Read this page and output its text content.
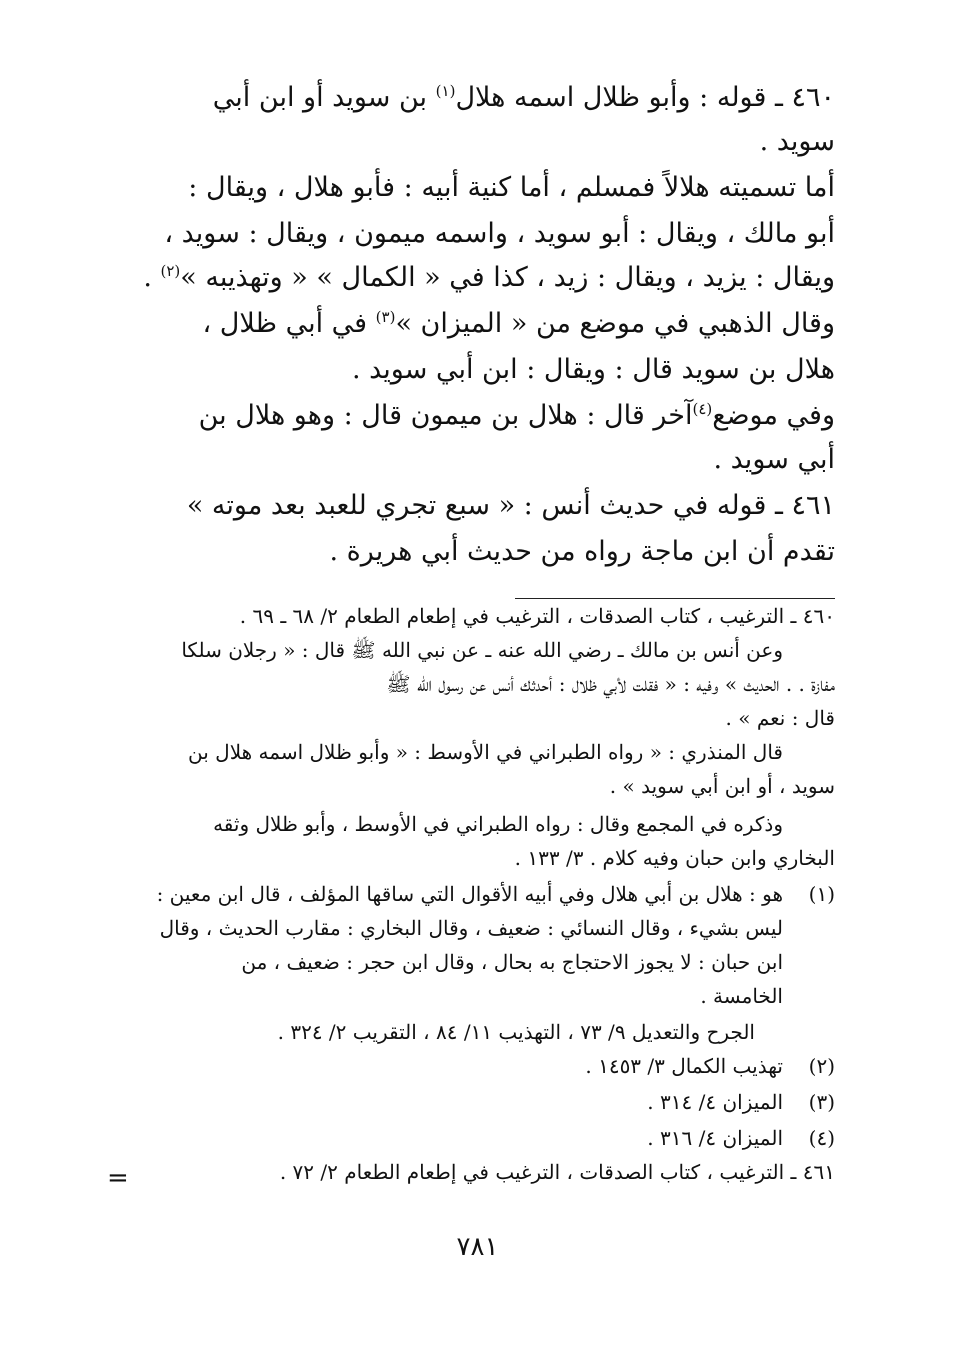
٤٦٠ ـ قوله : وأبو ظلال اسمه هلال$^{(١)}$ بن سويد أو ابن أبي
سويد .
أما تسميته هلالاً فمسلم ، أما كنية أبيه : فأبو هلال ، ويقال :
أبو مالك ، ويقال : أبو سويد ، واسمه ميمون ، ويقال : سويد ،
ويقال : يزيد ، ويقال : زيد ، كذا في « الكمال » « وتهذيبه »$^{(٢)}$ .
وقال الذهبي في موضع من « الميزان »$^{(٣)}$ في أبي ظلال ،
هلال بن سويد قال : ويقال : ابن أبي سويد .
وفي موضع$^{(٤)}$آخر قال : هلال بن ميمون قال : وهو هلال بن
أبي سويد .
٤٦١ ـ قوله في حديث أنس : « سبع تجري للعبد بعد موته »
تقدم أن ابن ماجة رواه من حديث أبي هريرة .
٤٦٠ ـ الترغيب ، كتاب الصدقات ، الترغيب في إطعام الطعام ٢/ ٦٨ ـ ٦٩ .
وعن أنس بن مالك ـ رضي الله عنه ـ عن نبي الله ﷺ قال : « رجلان سلكا
مفازة . . الحديث » وفيه : « فقلت لأبي ظلال : أحدثك أنس عن رسول الله ﷺ
قال : نعم » .
قال المنذري : « رواه الطبراني في الأوسط : « وأبو ظلال اسمه هلال بن
سويد ، أو ابن أبي سويد » .
وذكره في المجمع وقال : رواه الطبراني في الأوسط ، وأبو ظلال وثقه
البخاري وابن حبان وفيه كلام . ٣/ ١٣٣ .
(١)
هو : هلال بن أبي هلال وفي أبيه الأقوال التي ساقها المؤلف ، قال ابن معين :
ليس بشيء ، وقال النسائي : ضعيف ، وقال البخاري : مقارب الحديث ، وقال
ابن حبان : لا يجوز الاحتجاج به بحال ، وقال ابن حجر : ضعيف ، من
الخامسة .
الجرح والتعديل ٩/ ٧٣ ، التهذيب ١١/ ٨٤ ، التقريب ٢/ ٣٢٤ .
(٢)
تهذيب الكمال ٣/ ١٤٥٣ .
(٣)
الميزان ٤/ ٣١٤ .
(٤)
الميزان ٤/ ٣١٦ .
٤٦١ ـ الترغيب ، كتاب الصدقات ، الترغيب في إطعام الطعام ٢/ ٧٢ .
=
٧٨١
